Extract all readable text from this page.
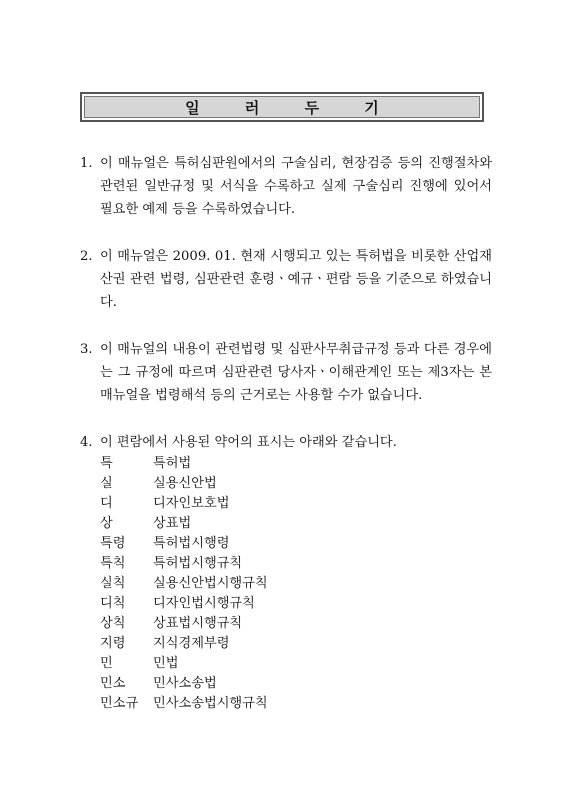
일 러 두 기
1. 이 매뉴얼은 특허심판원에서의 구술심리, 현장검증 등의 진행절차와 관련된 일반규정 및 서식을 수록하고 실제 구술심리 진행에 있어서 필요한 예제 등을 수록하였습니다.
2. 이 매뉴얼은 2009. 01. 현재 시행되고 있는 특허법을 비롯한 산업재산권 관련 법령, 심판관련 훈령ㆍ예규ㆍ편람 등을 기준으로 하였습니다.
3. 이 매뉴얼의 내용이 관련법령 및 심판사무취급규정 등과 다른 경우에는 그 규정에 따르며 심판관련 당사자ㆍ이해관계인 또는 제3자는 본 매뉴얼을 법령해석 등의 근거로는 사용할 수가 없습니다.
4. 이 편람에서 사용된 약어의 표시는 아래와 같습니다.
특	특허법
실	실용신안법
디	디자인보호법
상	상표법
특령	특허법시행령
특칙	특허법시행규칙
실칙	실용신안법시행규칙
디칙	디자인법시행규칙
상칙	상표법시행규칙
지령	지식경제부령
민	민법
민소	민사소송법
민소규	민사소송법시행규칙
